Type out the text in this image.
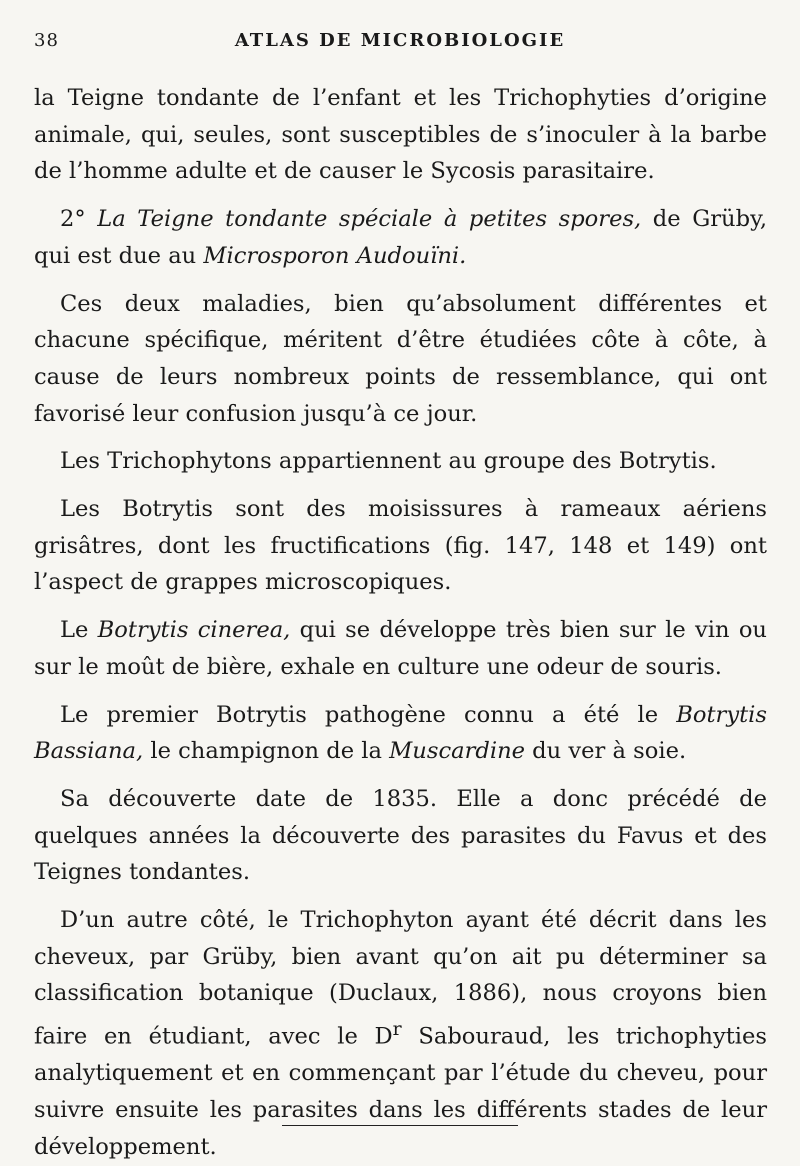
38	ATLAS DE MICROBIOLOGIE

la Teigne tondante de l’enfant et les Trichophyties d’origine animale, qui, seules, sont susceptibles de s’inoculer à la barbe de l’homme adulte et de causer le Sycosis parasitaire.

2° La Teigne tondante spéciale à petites spores, de Grüby, qui est due au Microsporon Audouïni.

Ces deux maladies, bien qu’absolument différentes et chacune spécifique, méritent d’être étudiées côte à côte, à cause de leurs nombreux points de ressemblance, qui ont favorisé leur confusion jusqu’à ce jour.

Les Trichophytons appartiennent au groupe des Botrytis.

Les Botrytis sont des moisissures à rameaux aériens grisâtres, dont les fructifications (fig. 147, 148 et 149) ont l’aspect de grappes microscopiques.

Le Botrytis cinerea, qui se développe très bien sur le vin ou sur le moût de bière, exhale en culture une odeur de souris.

Le premier Botrytis pathogène connu a été le Botrytis Bassiana, le champignon de la Muscardine du ver à soie.

Sa découverte date de 1835. Elle a donc précédé de quelques années la découverte des parasites du Favus et des Teignes tondantes.

D’un autre côté, le Trichophyton ayant été décrit dans les cheveux, par Grüby, bien avant qu’on ait pu déterminer sa classification botanique (Duclaux, 1886), nous croyons bien faire en étudiant, avec le $D^r$ Sabouraud, les trichophyties analytiquement et en commençant par l’étude du cheveu, pour suivre ensuite les parasites dans les différents stades de leur développement.
